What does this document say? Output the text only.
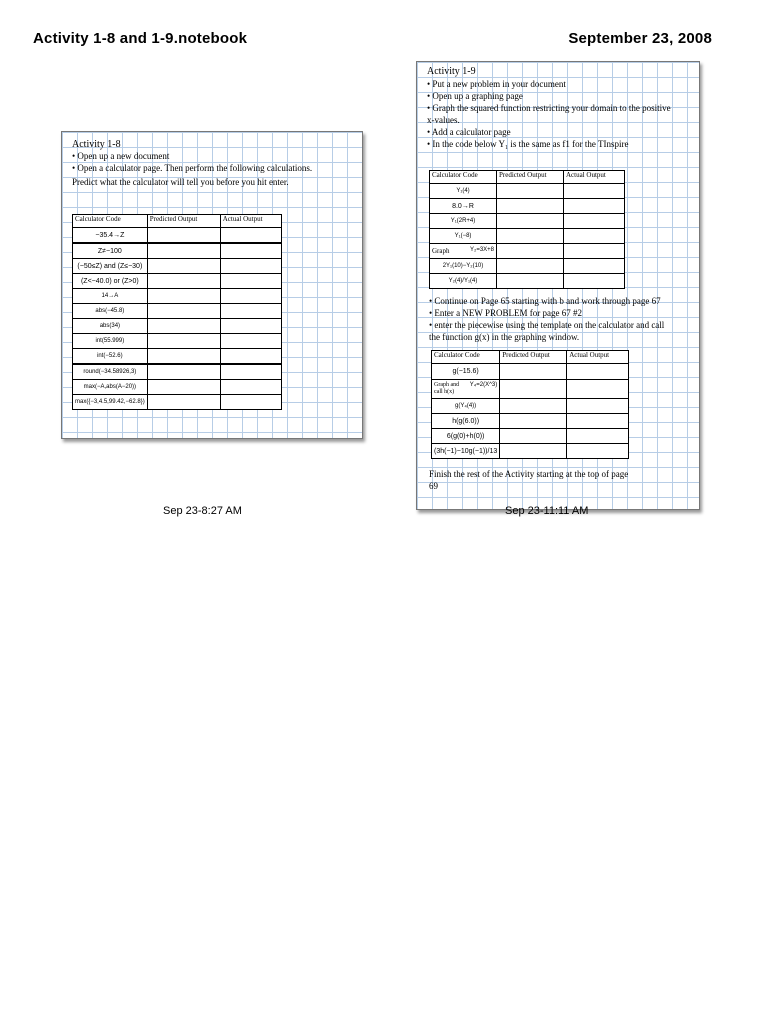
Activity 1-8 and 1-9.notebook	September 23, 2008
Activity 1-8
• Open up a new document
• Open a calculator page. Then perform the following calculations.
Predict what the calculator will tell you before you hit enter.
Calculator Code	Predicted Output	Actual Output
−35.4→Z		
Z≠−100		
(−50≤Z) and (Z≤−30)		
(Z<−40.0) or (Z>0)		
14→A		
abs(−45.8)		
abs(34)		
int(55.999)		
int(−52.6)		
round(−34.58926,3)		
max(−A,abs(A−20))		
max({−3,4.5,99.42,−62.8})		
Sep 23-8:27 AM
Activity 1-9
• Put a new problem in your document
• Open up a graphing page
• Graph the squared function restricting your domain to the positive
x-values.
• Add a calculator page
• In the code below Y₁ is the same as f1 for the TInspire
Calculator Code	Predicted Output	Actual Output
Y₁(4)		
8.0→R		
Y₁(2R+4)		
Y₁(−8)		

Graph Y₂=3X+8		
2Y₁(10)−Y₂(10)		
Y₂(4)/Y₁(4)		
• Continue on Page 65 starting with b and work through page 67
• Enter a NEW PROBLEM for page 67 #2
• enter the piecewise using the template on the calculator and call
the function g(x) in the graphing window.
Calculator Code	Predicted Output	Actual Output
g(−15.6)		

Graph and call h(x)
Y₄=2(X^3)		
g(Y₄(4))		
h(g(6.0))		
6(g(0)+h(0))		
(3h(−1)−10g(−1))/13		
Finish the rest of the Activity starting at the top of page 69
Sep 23-11:11 AM
